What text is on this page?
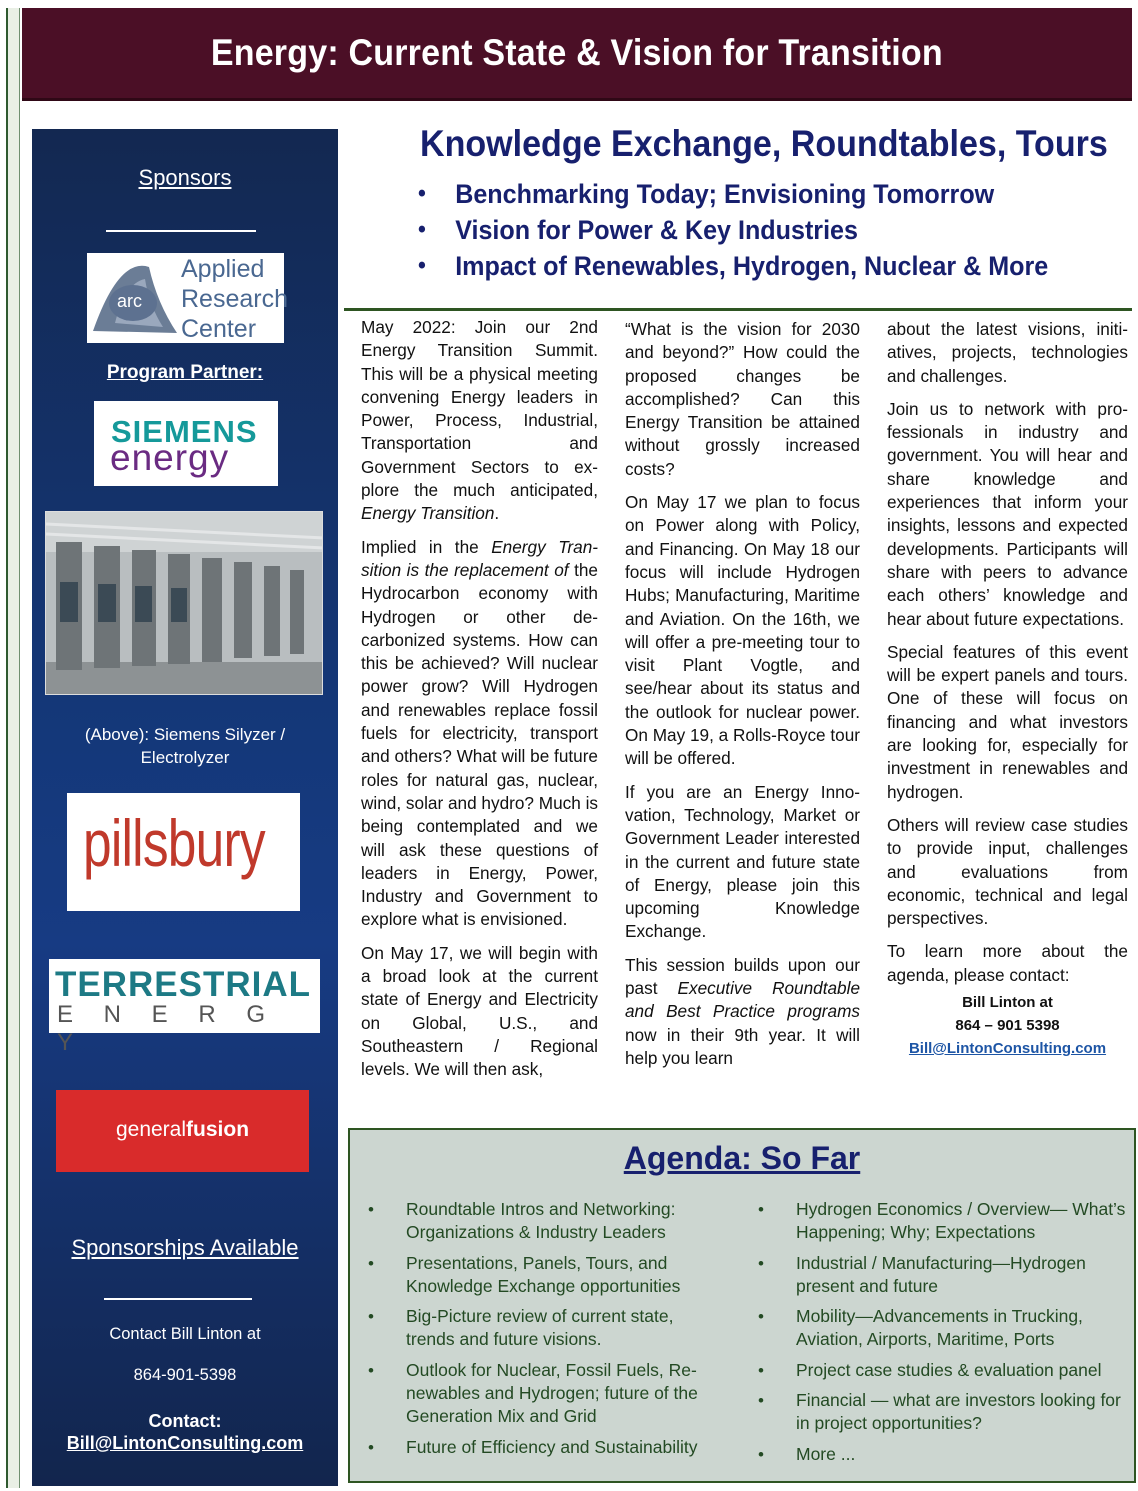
Energy: Current State & Vision for Transition
Sponsors
arc
Applied
Research
Center
Program Partner:
SIEMENS
energy
(Above): Siemens Silyzer / Electrolyzer
pillsbury
TERRESTRIAL
E N E R G Y
generalfusion
Sponsorships Available
Contact Bill Linton at
864-901-5398
Contact:
Bill@LintonConsulting.com
Knowledge Exchange, Roundtables, Tours
• Benchmarking Today; Envisioning Tomorrow
• Vision for Power & Key Industries
• Impact of Renewables, Hydrogen, Nuclear & More

May 2022: Join our 2nd Energy Transition Summit. This will be a physical meeting convening Energy leaders in Power, Process, Industrial, Transportation and Government Sectors to explore the much anticipated, Energy Transition.

Implied in the Energy Transition is the replacement of the Hydrocarbon economy with Hydrogen or other decarbonized systems. How can this be achieved? Will nuclear power grow? Will Hydrogen and renewables replace fossil fuels for electricity, transport and others? What will be future roles for natural gas, nuclear, wind, solar and hydro? Much is being contemplated and we will ask these questions of leaders in Energy, Power, Industry and Government to explore what is envisioned.

On May 17, we will begin with a broad look at the current state of Energy and Electricity on Global, U.S., and Southeastern / Regional levels. We will then ask,

“What is the vision for 2030 and beyond?” How could the proposed changes be accomplished? Can this Energy Transition be attained without grossly increased costs?

On May 17 we plan to focus on Power along with Policy, and Financing. On May 18 our focus will include Hydrogen Hubs; Manufacturing, Maritime and Aviation. On the 16th, we will offer a pre-meeting tour to visit Plant Vogtle, and see/hear about its status and the outlook for nuclear power. On May 19, a Rolls-Royce tour will be offered.

If you are an Energy Innovation, Technology, Market or Government Leader interested in the current and future state of Energy, please join this upcoming Knowledge Exchange.

This session builds upon our past Executive Roundtable and Best Practice programs now in their 9th year. It will help you learn

about the latest visions, initiatives, projects, technologies and challenges.

Join us to network with professionals in industry and government. You will hear and share knowledge and experiences that inform your insights, lessons and expected developments. Participants will share with peers to advance each others’ knowledge and hear about future expectations.

Special features of this event will be expert panels and tours. One of these will focus on financing and what investors are looking for, especially for investment in renewables and hydrogen.

Others will review case studies to provide input, challenges and evaluations from economic, technical and legal perspectives.

To learn more about the agenda, please contact:

Bill Linton at
864 – 901 5398
Bill@LintonConsulting.com
Agenda: So Far
• Roundtable Intros and Networking: Organizations & Industry Leaders
• Presentations, Panels, Tours, and Knowledge Exchange opportunities
• Big-Picture review of current state, trends and future visions.
• Outlook for Nuclear, Fossil Fuels, Renewables and Hydrogen; future of the Generation Mix and Grid
• Future of Efficiency and Sustainability
• Hydrogen Economics / Overview— What’s Happening; Why; Expectations
• Industrial / Manufacturing—Hydrogen present and future
• Mobility—Advancements in Trucking, Aviation, Airports, Maritime, Ports
• Project case studies & evaluation panel
• Financial — what are investors looking for in project opportunities?
• More ...
